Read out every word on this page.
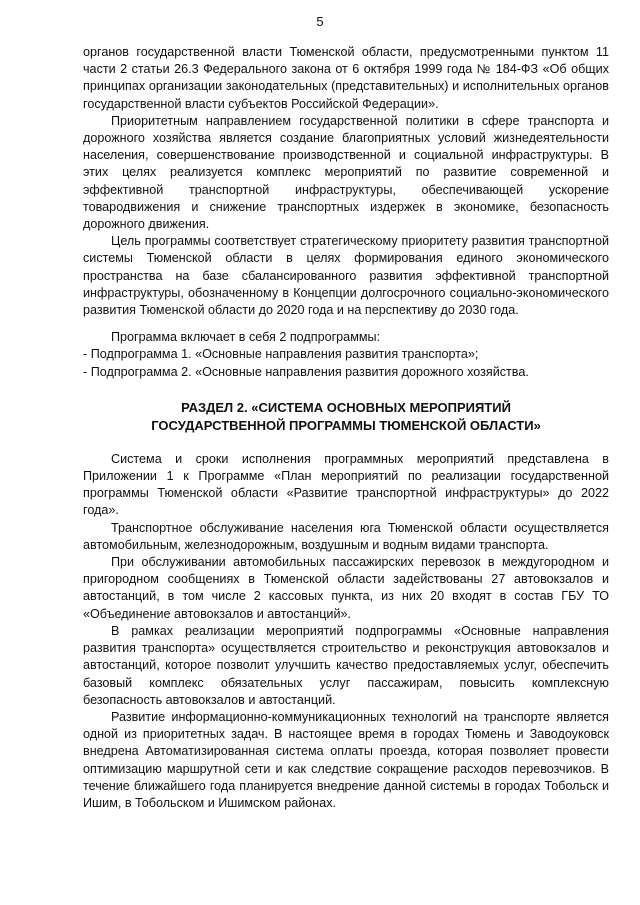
5

органов государственной власти Тюменской области, предусмотренными пунктом 11 части 2 статьи 26.3 Федерального закона от 6 октября 1999 года № 184-ФЗ «Об общих принципах организации законодательных (представительных) и исполнительных органов государственной власти субъектов Российской Федерации».

Приоритетным направлением государственной политики в сфере транспорта и дорожного хозяйства является создание благоприятных условий жизнедеятельности населения, совершенствование производственной и социальной инфраструктуры. В этих целях реализуется комплекс мероприятий по развитие современной и эффективной транспортной инфраструктуры, обеспечивающей ускорение товародвижения и снижение транспортных издержек в экономике, безопасность дорожного движения.

Цель программы соответствует стратегическому приоритету развития транспортной системы Тюменской области в целях формирования единого экономического пространства на базе сбалансированного развития эффективной транспортной инфраструктуры, обозначенному в Концепции долгосрочного социально-экономического развития Тюменской области до 2020 года и на перспективу до 2030 года.

Программа включает в себя 2 подпрограммы:

- Подпрограмма 1. «Основные направления развития транспорта»;

- Подпрограмма 2. «Основные направления развития дорожного хозяйства.

РАЗДЕЛ 2. «СИСТЕМА ОСНОВНЫХ МЕРОПРИЯТИЙ
ГОСУДАРСТВЕННОЙ ПРОГРАММЫ ТЮМЕНСКОЙ ОБЛАСТИ»

Система и сроки исполнения программных мероприятий представлена в Приложении 1 к Программе «План мероприятий по реализации государственной программы Тюменской области «Развитие транспортной инфраструктуры» до 2022 года».

Транспортное обслуживание населения юга Тюменской области осуществляется автомобильным, железнодорожным, воздушным и водным видами транспорта.

При обслуживании автомобильных пассажирских перевозок в междугородном и пригородном сообщениях в Тюменской области задействованы 27 автовокзалов и автостанций, в том числе 2 кассовых пункта, из них 20 входят в состав ГБУ ТО «Объединение автовокзалов и автостанций».

В рамках реализации мероприятий подпрограммы «Основные направления развития транспорта» осуществляется строительство и реконструкция автовокзалов и автостанций, которое позволит улучшить качество предоставляемых услуг, обеспечить базовый комплекс обязательных услуг пассажирам, повысить комплексную безопасность автовокзалов и автостанций.

Развитие информационно-коммуникационных технологий на транспорте является одной из приоритетных задач. В настоящее время в городах Тюмень и Заводоуковск внедрена Автоматизированная система оплаты проезда, которая позволяет провести оптимизацию маршрутной сети и как следствие сокращение расходов перевозчиков. В течение ближайшего года планируется внедрение данной системы в городах Тобольск и Ишим, в Тобольском и Ишимском районах.
